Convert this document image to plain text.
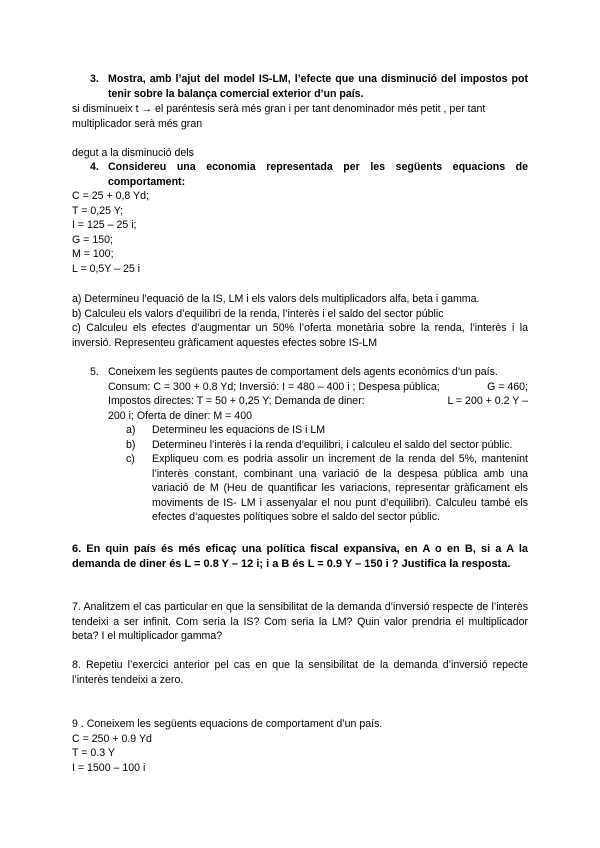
3. Mostra, amb l’ajut del model IS-LM, l’efecte que una disminució del impostos pot tenir sobre la balança comercial exterior d’un país.
si disminueix t → el paréntesis serà més gran i per tant denominador més petit , per tant
multiplicador serà més gran
degut a la disminució dels
4. Considereu una economia representada per les següents equacions de comportament:
C = 25 + 0,8 Yd;
T = 0,25 Y;
I = 125 – 25 i;
G = 150;
M = 100;
L = 0,5Y – 25 i
a) Determineu l’equació de la IS, LM i els valors dels multiplicadors alfa, beta i gamma.
b) Calculeu els valors d’equilibri de la renda, l’interès i el saldo del sector públic
c) Calculeu els efectes d’augmentar un 50% l’oferta monetària sobre la renda, l’interès i la inversió. Representeu gràficament aquestes efectes sobre IS-LM
5. Coneixem les següents pautes de comportament dels agents econòmics d’un país.
Consum: C = 300 + 0.8 Yd; Inversió: I = 480 – 400 i ; Despesa pública;	G = 460;
Impostos directes: T = 50 + 0,25 Y; Demanda de diner:	L = 200 + 0.2 Y –
200 i; Oferta de diner: M = 400
a)	Determineu les equacions de IS i LM
b)	Determineu l’interès i la renda d’equilibri, i calculeu el saldo del sector públic.
c)	Expliqueu com es podria assolir un increment de la renda del 5%, mantenint l’interès constant, combinant una variació de la despesa pública amb una variació de M (Heu de quantificar les variacions, representar gràficament els moviments de IS- LM i assenyalar el nou punt d’equilibri). Calculeu també els efectes d’aquestes polítiques sobre el saldo del sector públic.
6. En quin país és més eficaç una política fiscal expansiva, en A o en B, si a A la demanda de diner és L = 0.8 Y – 12 i; i a B és L = 0.9 Y – 150 i ? Justifica la resposta.
7. Analitzem el cas particular en que la sensibilitat de la demanda d’inversió respecte de l’interès tendeixi a ser infinit. Com seria la IS? Com seria la LM? Quin valor prendria el multiplicador beta? I el multiplicador gamma?
8. Repetiu l’exercici anterior pel cas en que la sensibilitat de la demanda d’inversió repecte l’interès tendeixi a zero.
9 . Coneixem les següents equacions de comportament d’un país.
C = 250 + 0.9 Yd
T = 0.3 Y
I = 1500 – 100 i
